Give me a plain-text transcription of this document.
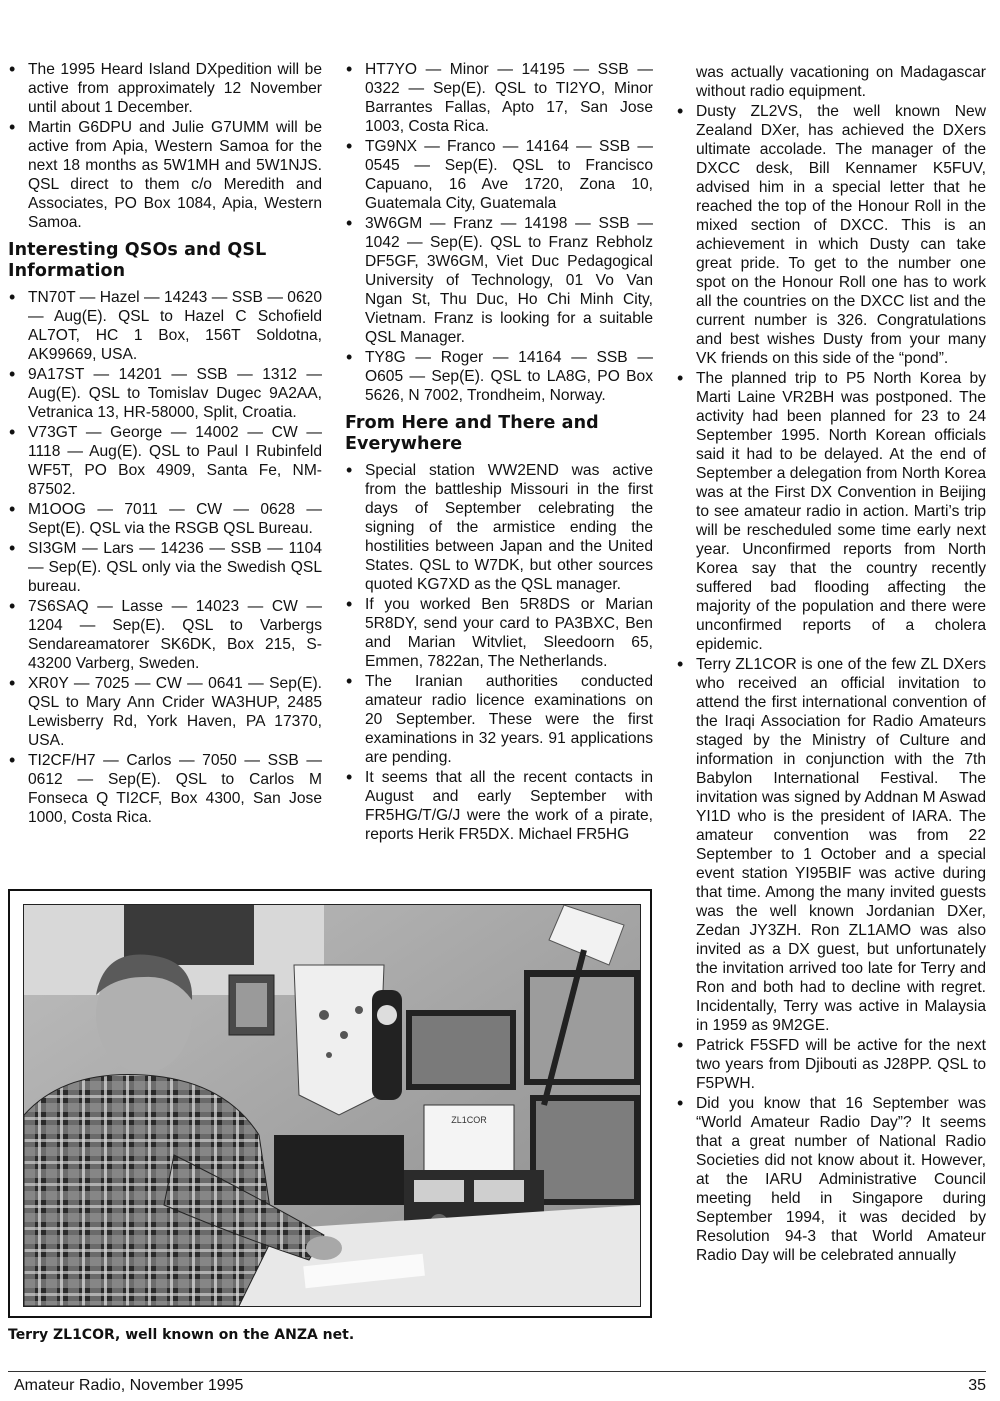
• The 1995 Heard Island DXpedition will be active from approximately 12 November until about 1 December.
• Martin G6DPU and Julie G7UMM will be active from Apia, Western Samoa for the next 18 months as 5W1MH and 5W1NJS. QSL direct to them c/o Meredith and Associates, PO Box 1084, Apia, Western Samoa.
Interesting QSOs and QSL Information
• TN70T — Hazel — 14243 — SSB — 0620 — Aug(E). QSL to Hazel C Schofield AL7OT, HC 1 Box, 156T Soldotna, AK99669, USA.
• 9A17ST — 14201 — SSB — 1312 — Aug(E). QSL to Tomislav Dugec 9A2AA, Vetranica 13, HR-58000, Split, Croatia.
• V73GT — George — 14002 — CW — 1118 — Aug(E). QSL to Paul I Rubinfeld WF5T, PO Box 4909, Santa Fe, NM-87502.
• M1OOG — 7011 — CW — 0628 — Sept(E). QSL via the RSGB QSL Bureau.
• SI3GM — Lars — 14236 — SSB — 1104 — Sep(E). QSL only via the Swedish QSL bureau.
• 7S6SAQ — Lasse — 14023 — CW — 1204 — Sep(E). QSL to Varbergs Sendareamatorer SK6DK, Box 215, S-43200 Varberg, Sweden.
• XR0Y — 7025 — CW — 0641 — Sep(E). QSL to Mary Ann Crider WA3HUP, 2485 Lewisberry Rd, York Haven, PA 17370, USA.
• TI2CF/H7 — Carlos — 7050 — SSB — 0612 — Sep(E). QSL to Carlos M Fonseca Q TI2CF, Box 4300, San Jose 1000, Costa Rica.
• HT7YO — Minor — 14195 — SSB — 0322 — Sep(E). QSL to TI2YO, Minor Barrantes Fallas, Apto 17, San Jose 1003, Costa Rica.
• TG9NX — Franco — 14164 — SSB — 0545 — Sep(E). QSL to Francisco Capuano, 16 Ave 1720, Zona 10, Guatemala City, Guatemala
• 3W6GM — Franz — 14198 — SSB — 1042 — Sep(E). QSL to Franz Rebholz DF5GF, 3W6GM, Viet Duc Pedagogical University of Technology, 01 Vo Van Ngan St, Thu Duc, Ho Chi Minh City, Vietnam. Franz is looking for a suitable QSL Manager.
• TY8G — Roger — 14164 — SSB — O605 — Sep(E). QSL to LA8G, PO Box 5626, N 7002, Trondheim, Norway.
From Here and There and Everywhere
• Special station WW2END was active from the battleship Missouri in the first days of September celebrating the signing of the armistice ending the hostilities between Japan and the United States. QSL to W7DK, but other sources quoted KG7XD as the QSL manager.
• If you worked Ben 5R8DS or Marian 5R8DY, send your card to PA3BXC, Ben and Marian Witvliet, Sleedoorn 65, Emmen, 7822an, The Netherlands.
• The Iranian authorities conducted amateur radio licence examinations on 20 September. These were the first examinations in 32 years. 91 applications are pending.
• It seems that all the recent contacts in August and early September with FR5HG/T/G/J were the work of a pirate, reports Herik FR5DX. Michael FR5HG

was actually vacationing on Madagascar without radio equipment.

• Dusty ZL2VS, the well known New Zealand DXer, has achieved the DXers ultimate accolade. The manager of the DXCC desk, Bill Kennamer K5FUV, advised him in a special letter that he reached the top of the Honour Roll in the mixed section of DXCC. This is an achievement in which Dusty can take great pride. To get to the number one spot on the Honour Roll one has to work all the countries on the DXCC list and the current number is 326. Congratulations and best wishes Dusty from your many VK friends on this side of the “pond”.
• The planned trip to P5 North Korea by Marti Laine VR2BH was postponed. The activity had been planned for 23 to 24 September 1995. North Korean officials said it had to be delayed. At the end of September a delegation from North Korea was at the First DX Convention in Beijing to see amateur radio in action. Marti’s trip will be rescheduled some time early next year. Unconfirmed reports from North Korea say that the country recently suffered bad flooding affecting the majority of the population and there were unconfirmed reports of a cholera epidemic.
• Terry ZL1COR is one of the few ZL DXers who received an official invitation to attend the first international convention of the Iraqi Association for Radio Amateurs staged by the Ministry of Culture and information in conjunction with the 7th Babylon International Festival. The invitation was signed by Addnan M Aswad YI1D who is the president of IARA. The amateur convention was from 22 September to 1 October and a special event station YI95BIF was active during that time. Among the many invited guests was the well known Jordanian DXer, Zedan JY3ZH. Ron ZL1AMO was also invited as a DX guest, but unfortunately the invitation arrived too late for Terry and Ron and both had to decline with regret. Incidentally, Terry was active in Malaysia in 1959 as 9M2GE.
• Patrick F5SFD will be active for the next two years from Djibouti as J28PP. QSL to F5PWH.
• Did you know that 16 September was “World Amateur Radio Day”? It seems that a great number of National Radio Societies did not know about it. However, at the IARU Administrative Council meeting held in Singapore during September 1994, it was decided by Resolution 94-3 that World Amateur Radio Day will be celebrated annually
ZL1COR
Terry ZL1COR, well known on the ANZA net.
Amateur Radio, November 1995	35
